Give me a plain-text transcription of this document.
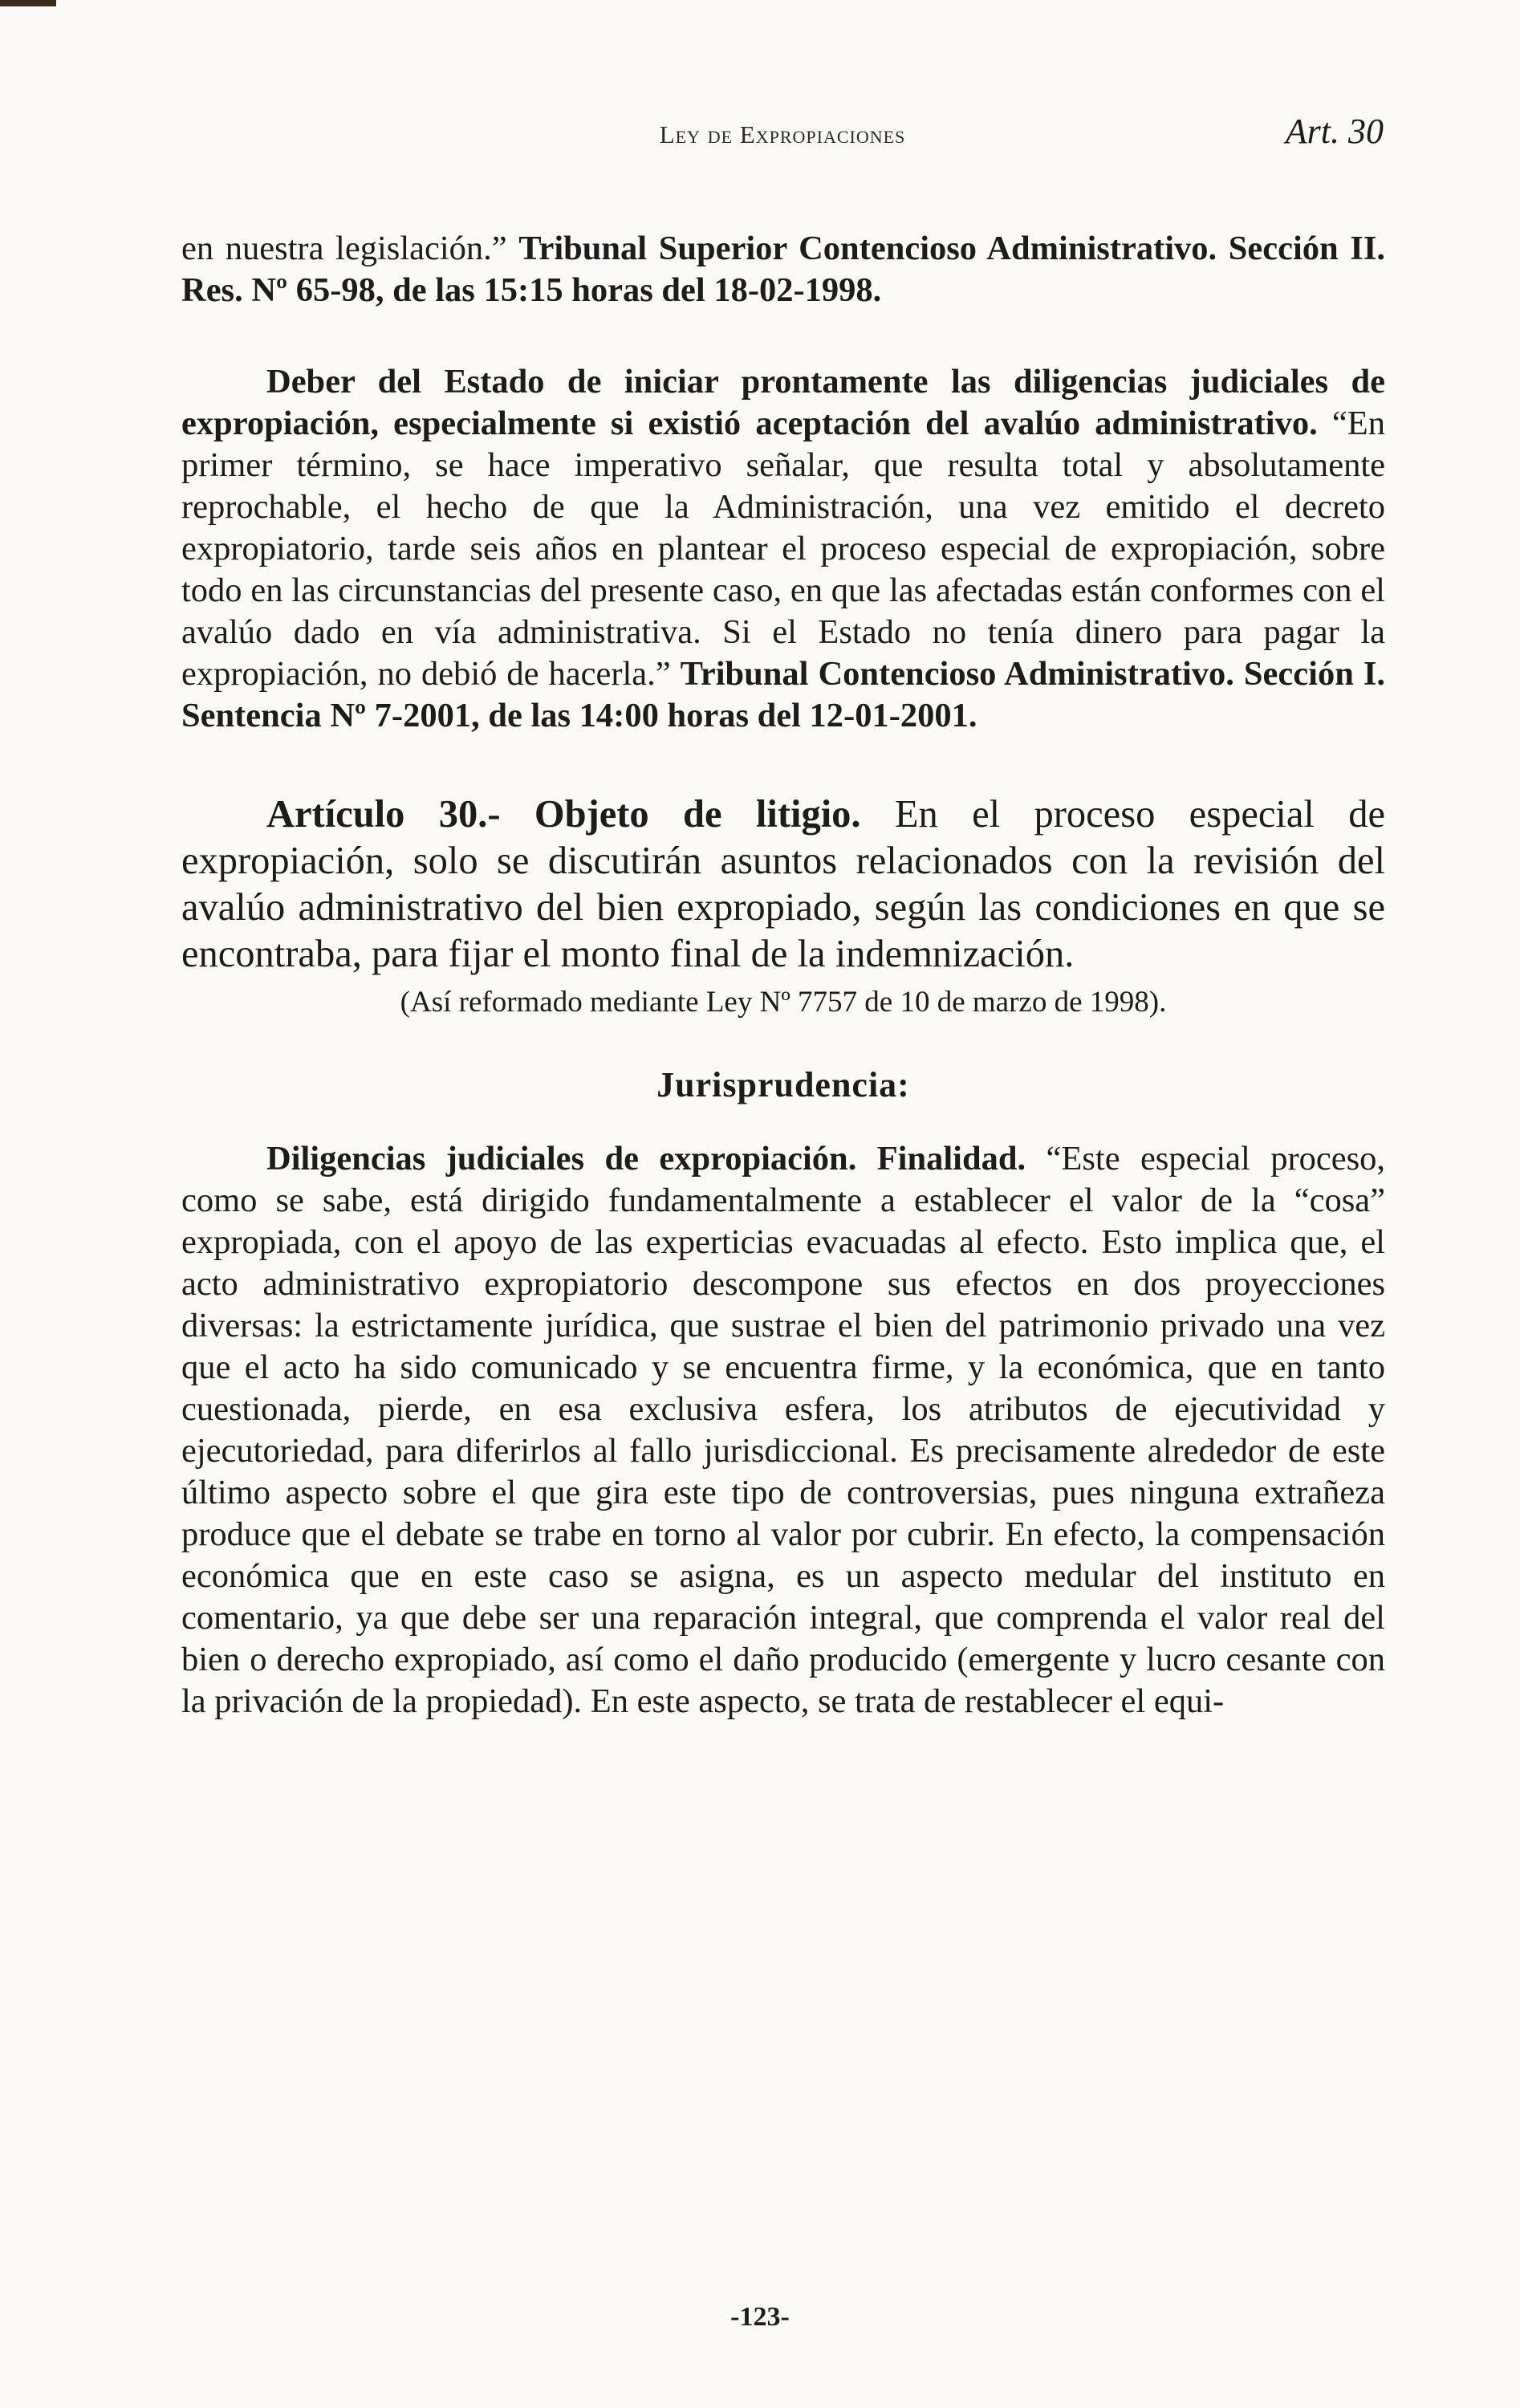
Ley de Expropiaciones	Art. 30

en nuestra legislación.” Tribunal Superior Contencioso Administrativo. Sección II. Res. Nº 65-98, de las 15:15 horas del 18-02-1998.

Deber del Estado de iniciar prontamente las diligencias judiciales de expropiación, especialmente si existió aceptación del avalúo administrativo. “En primer término, se hace imperativo señalar, que resulta total y absolutamente reprochable, el hecho de que la Administración, una vez emitido el decreto expropiatorio, tarde seis años en plantear el proceso especial de expropiación, sobre todo en las circunstancias del presente caso, en que las afectadas están conformes con el avalúo dado en vía administrativa. Si el Estado no tenía dinero para pagar la expropiación, no debió de hacerla.” Tribunal Contencioso Administrativo. Sección I. Sentencia Nº 7-2001, de las 14:00 horas del 12-01-2001.

Artículo 30.- Objeto de litigio. En el proceso especial de expropiación, solo se discutirán asuntos relacionados con la revisión del avalúo administrativo del bien expropiado, según las condiciones en que se encontraba, para fijar el monto final de la indemnización.

(Así reformado mediante Ley Nº 7757 de 10 de marzo de 1998).

Jurisprudencia:

Diligencias judiciales de expropiación. Finalidad. “Este especial proceso, como se sabe, está dirigido fundamentalmente a establecer el valor de la “cosa” expropiada, con el apoyo de las experticias evacuadas al efecto. Esto implica que, el acto administrativo expropiatorio descompone sus efectos en dos proyecciones diversas: la estrictamente jurídica, que sustrae el bien del patrimonio privado una vez que el acto ha sido comunicado y se encuentra firme, y la económica, que en tanto cuestionada, pierde, en esa exclusiva esfera, los atributos de ejecutividad y ejecutoriedad, para diferirlos al fallo jurisdiccional. Es precisamente alrededor de este último aspecto sobre el que gira este tipo de controversias, pues ninguna extrañeza produce que el debate se trabe en torno al valor por cubrir. En efecto, la compensación económica que en este caso se asigna, es un aspecto medular del instituto en comentario, ya que debe ser una reparación integral, que comprenda el valor real del bien o derecho expropiado, así como el daño producido (emergente y lucro cesante con la privación de la propiedad). En este aspecto, se trata de restablecer el equi-

-123-
